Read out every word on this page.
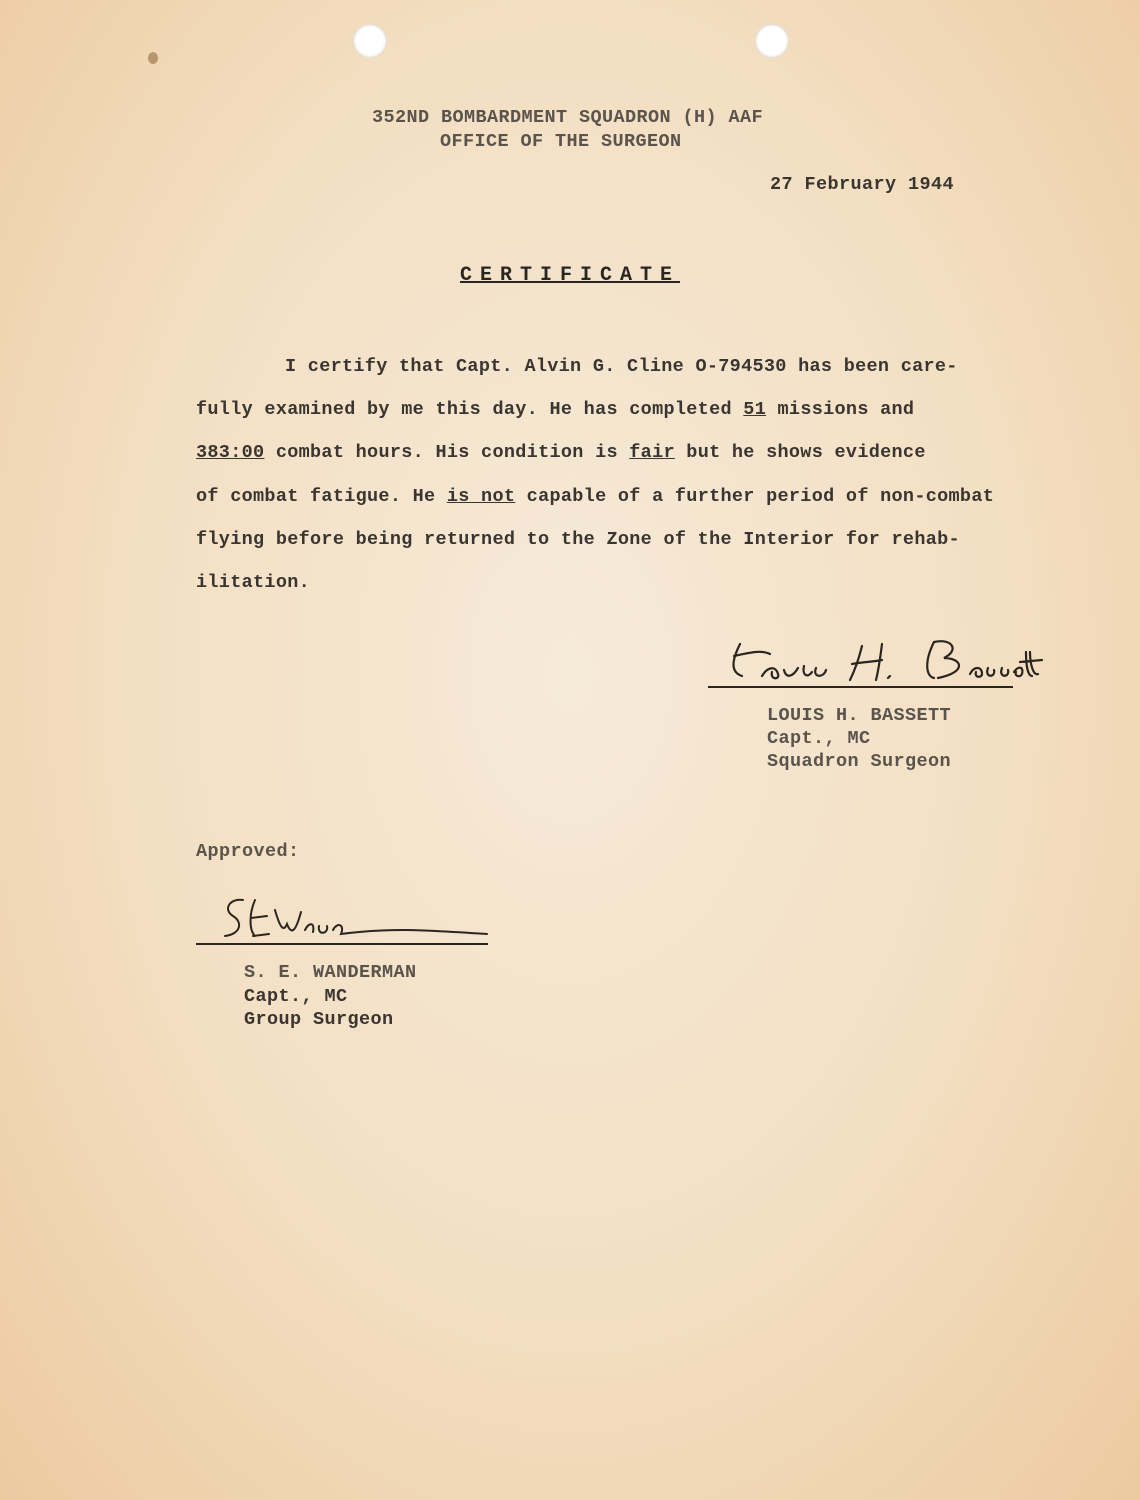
352ND BOMBARDMENT SQUADRON (H) AAF
OFFICE OF THE SURGEON
27 February 1944
CERTIFICATE
I certify that Capt. Alvin G. Cline O-794530 has been care-
fully examined by me this day. He has completed 51 missions and
383:00 combat hours. His condition is fair but he shows evidence
of combat fatigue. He is not capable of a further period of non-combat
flying before being returned to the Zone of the Interior for rehab-
ilitation.
LOUIS H. BASSETT
Capt., MC
Squadron Surgeon
Approved:
S. E. WANDERMAN
Capt., MC
Group Surgeon
